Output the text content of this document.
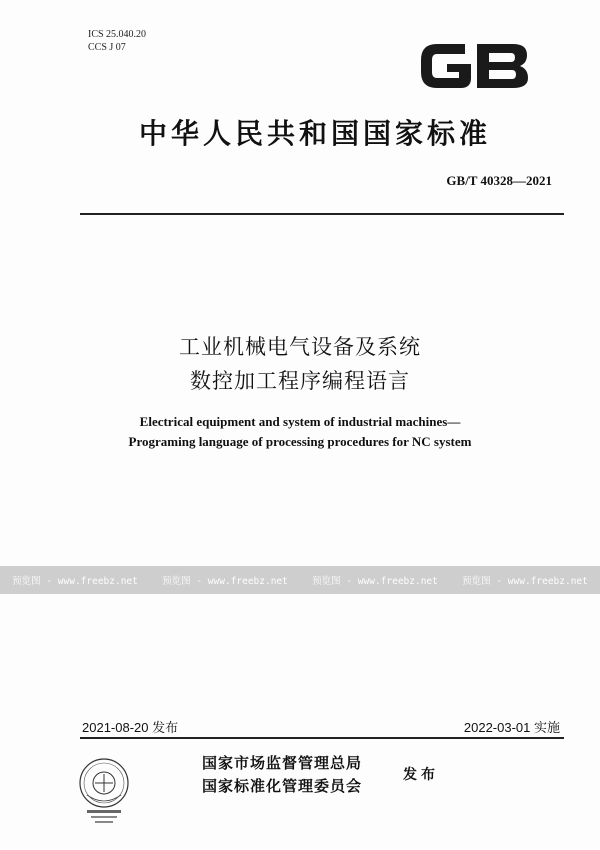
ICS 25.040.20
CCS J 07
中华人民共和国国家标准
GB/T 40328—2021
工业机械电气设备及系统
数控加工程序编程语言
Electrical equipment and system of industrial machines—
Programing language of processing procedures for NC system
预览图 - www.freebz.net	预览图 - www.freebz.net	预览图 - www.freebz.net	预览图 - www.freebz.net
2021-08-20 发布	2022-03-01 实施
国家市场监督管理总局
国家标准化管理委员会
发布
